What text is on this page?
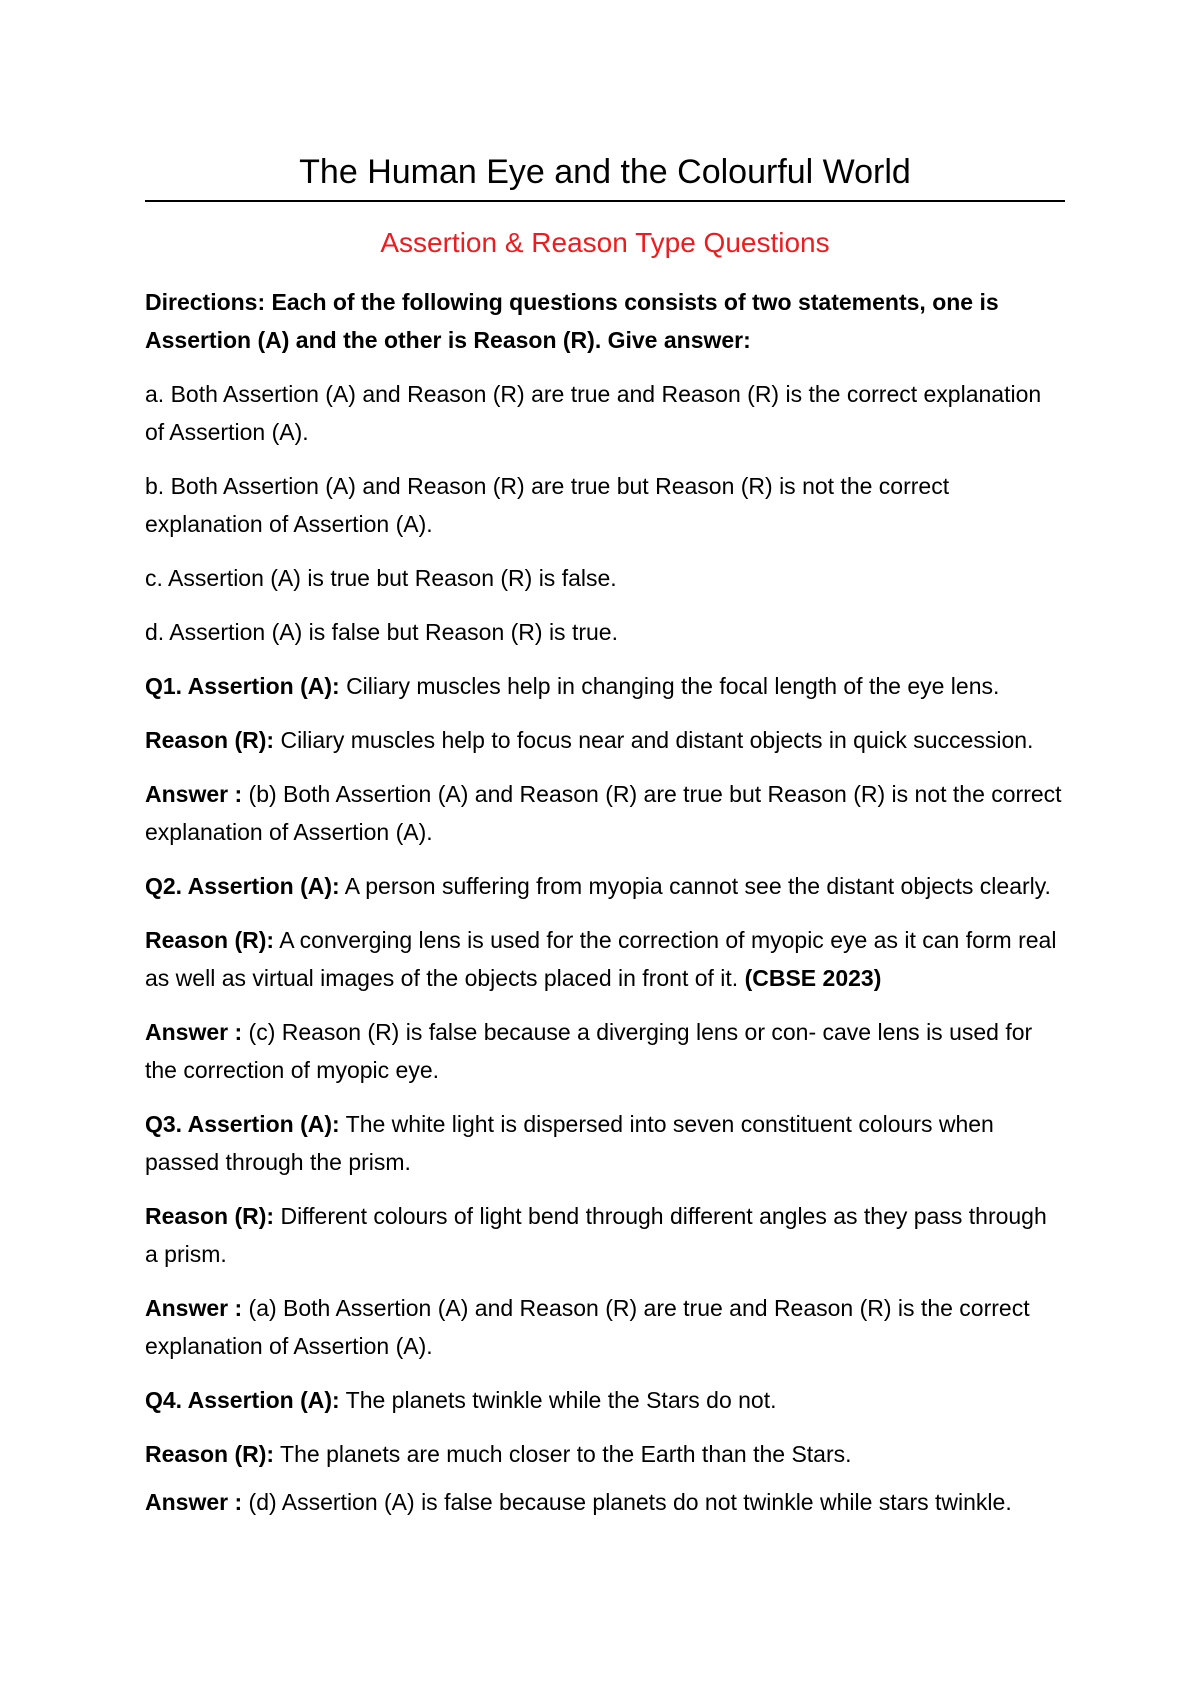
The Human Eye and the Colourful World
Assertion & Reason Type Questions

Directions: Each of the following questions consists of two statements, one is Assertion (A) and the other is Reason (R). Give answer:

a. Both Assertion (A) and Reason (R) are true and Reason (R) is the correct explanation of Assertion (A).

b. Both Assertion (A) and Reason (R) are true but Reason (R) is not the correct explanation of Assertion (A).

c. Assertion (A) is true but Reason (R) is false.

d. Assertion (A) is false but Reason (R) is true.

Q1. Assertion (A): Ciliary muscles help in changing the focal length of the eye lens.

Reason (R): Ciliary muscles help to focus near and distant objects in quick succession.

Answer : (b) Both Assertion (A) and Reason (R) are true but Reason (R) is not the correct explanation of Assertion (A).

Q2. Assertion (A): A person suffering from myopia cannot see the distant objects clearly.

Reason (R): A converging lens is used for the correction of myopic eye as it can form real as well as virtual images of the objects placed in front of it. (CBSE 2023)

Answer : (c) Reason (R) is false because a diverging lens or con- cave lens is used for the correction of myopic eye.

Q3. Assertion (A): The white light is dispersed into seven constituent colours when passed through the prism.

Reason (R): Different colours of light bend through different angles as they pass through a prism.

Answer : (a) Both Assertion (A) and Reason (R) are true and Reason (R) is the correct explanation of Assertion (A).

Q4. Assertion (A): The planets twinkle while the Stars do not.

Reason (R): The planets are much closer to the Earth than the Stars.

Answer : (d) Assertion (A) is false because planets do not twinkle while stars twinkle.
